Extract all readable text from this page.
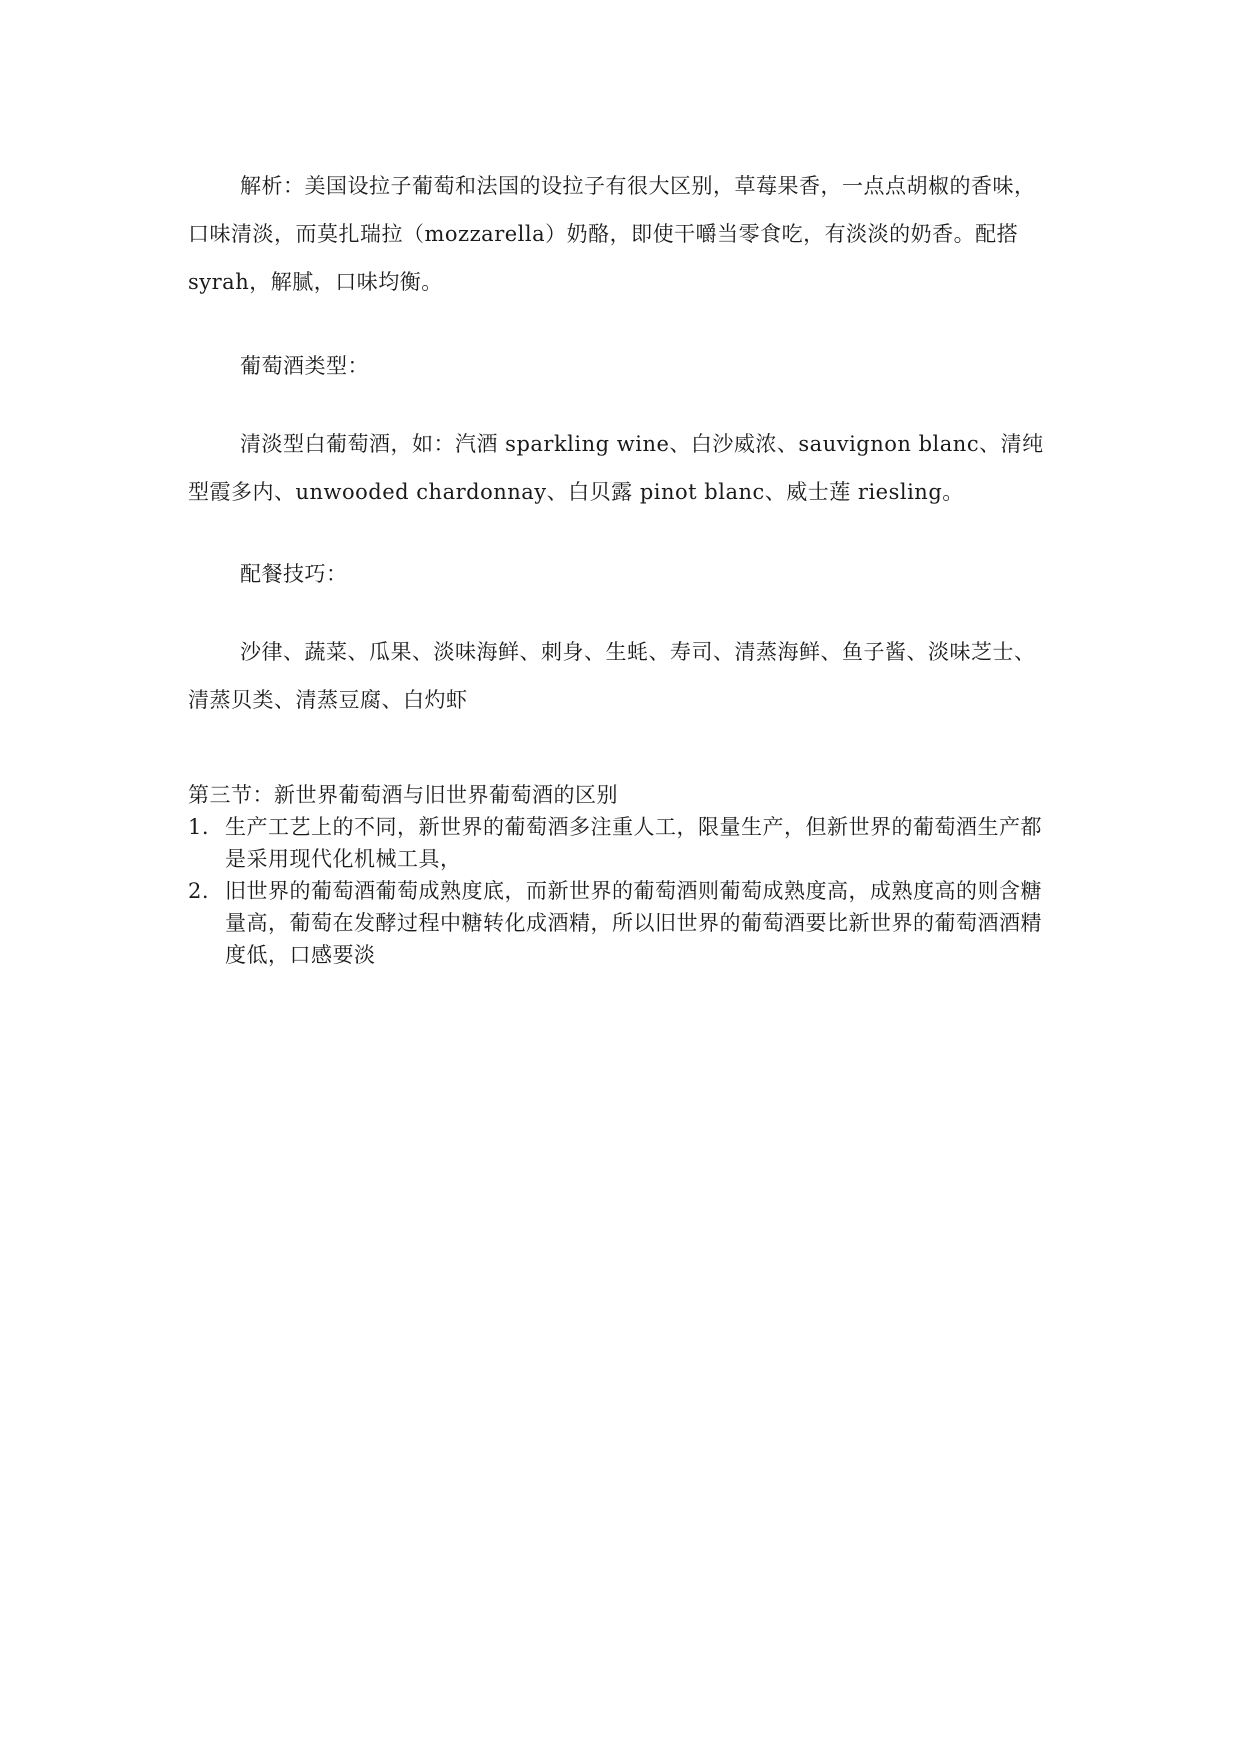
解析：美国设拉子葡萄和法国的设拉子有很大区别，草莓果香，一点点胡椒的香味，口味清淡，而莫扎瑞拉（mozzarella）奶酪，即使干嚼当零食吃，有淡淡的奶香。配搭 syrah，解腻，口味均衡。

葡萄酒类型：

清淡型白葡萄酒，如：汽酒 sparkling wine、白沙威浓、sauvignon blanc、清纯型霞多内、unwooded chardonnay、白贝露 pinot blanc、威士莲 riesling。

配餐技巧：

沙律、蔬菜、瓜果、淡味海鲜、刺身、生蚝、寿司、清蒸海鲜、鱼子酱、淡味芝士、清蒸贝类、清蒸豆腐、白灼虾

第三节：新世界葡萄酒与旧世界葡萄酒的区别

1. 生产工艺上的不同，新世界的葡萄酒多注重人工，限量生产，但新世界的葡萄酒生产都是采用现代化机械工具，
2. 旧世界的葡萄酒葡萄成熟度底，而新世界的葡萄酒则葡萄成熟度高，成熟度高的则含糖量高，葡萄在发酵过程中糖转化成酒精，所以旧世界的葡萄酒要比新世界的葡萄酒酒精度低，口感要淡
